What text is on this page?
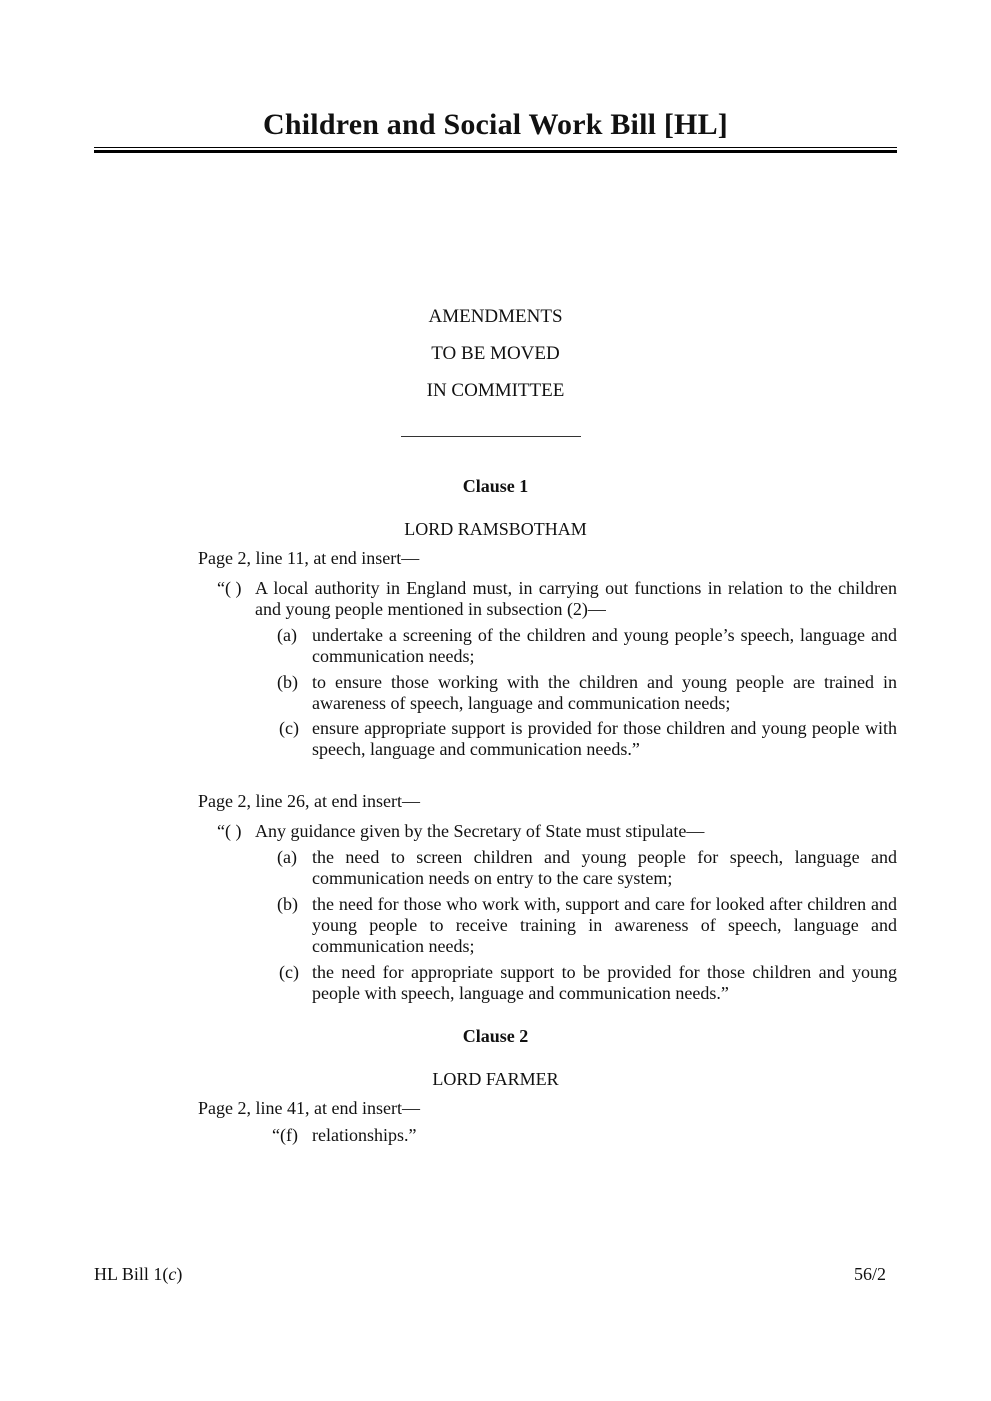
Children and Social Work Bill [HL]
AMENDMENTS
TO BE MOVED
IN COMMITTEE
Clause 1
LORD RAMSBOTHAM
Page 2, line 11, at end insert—
“( ) A local authority in England must, in carrying out functions in relation to the children and young people mentioned in subsection (2)—
(a) undertake a screening of the children and young people’s speech, language and communication needs;
(b) to ensure those working with the children and young people are trained in awareness of speech, language and communication needs;
(c) ensure appropriate support is provided for those children and young people with speech, language and communication needs.”
Page 2, line 26, at end insert—
“( ) Any guidance given by the Secretary of State must stipulate—
(a) the need to screen children and young people for speech, language and communication needs on entry to the care system;
(b) the need for those who work with, support and care for looked after children and young people to receive training in awareness of speech, language and communication needs;
(c) the need for appropriate support to be provided for those children and young people with speech, language and communication needs.”
Clause 2
LORD FARMER
Page 2, line 41, at end insert—
“(f) relationships.”
HL Bill 1(c)	56/2
